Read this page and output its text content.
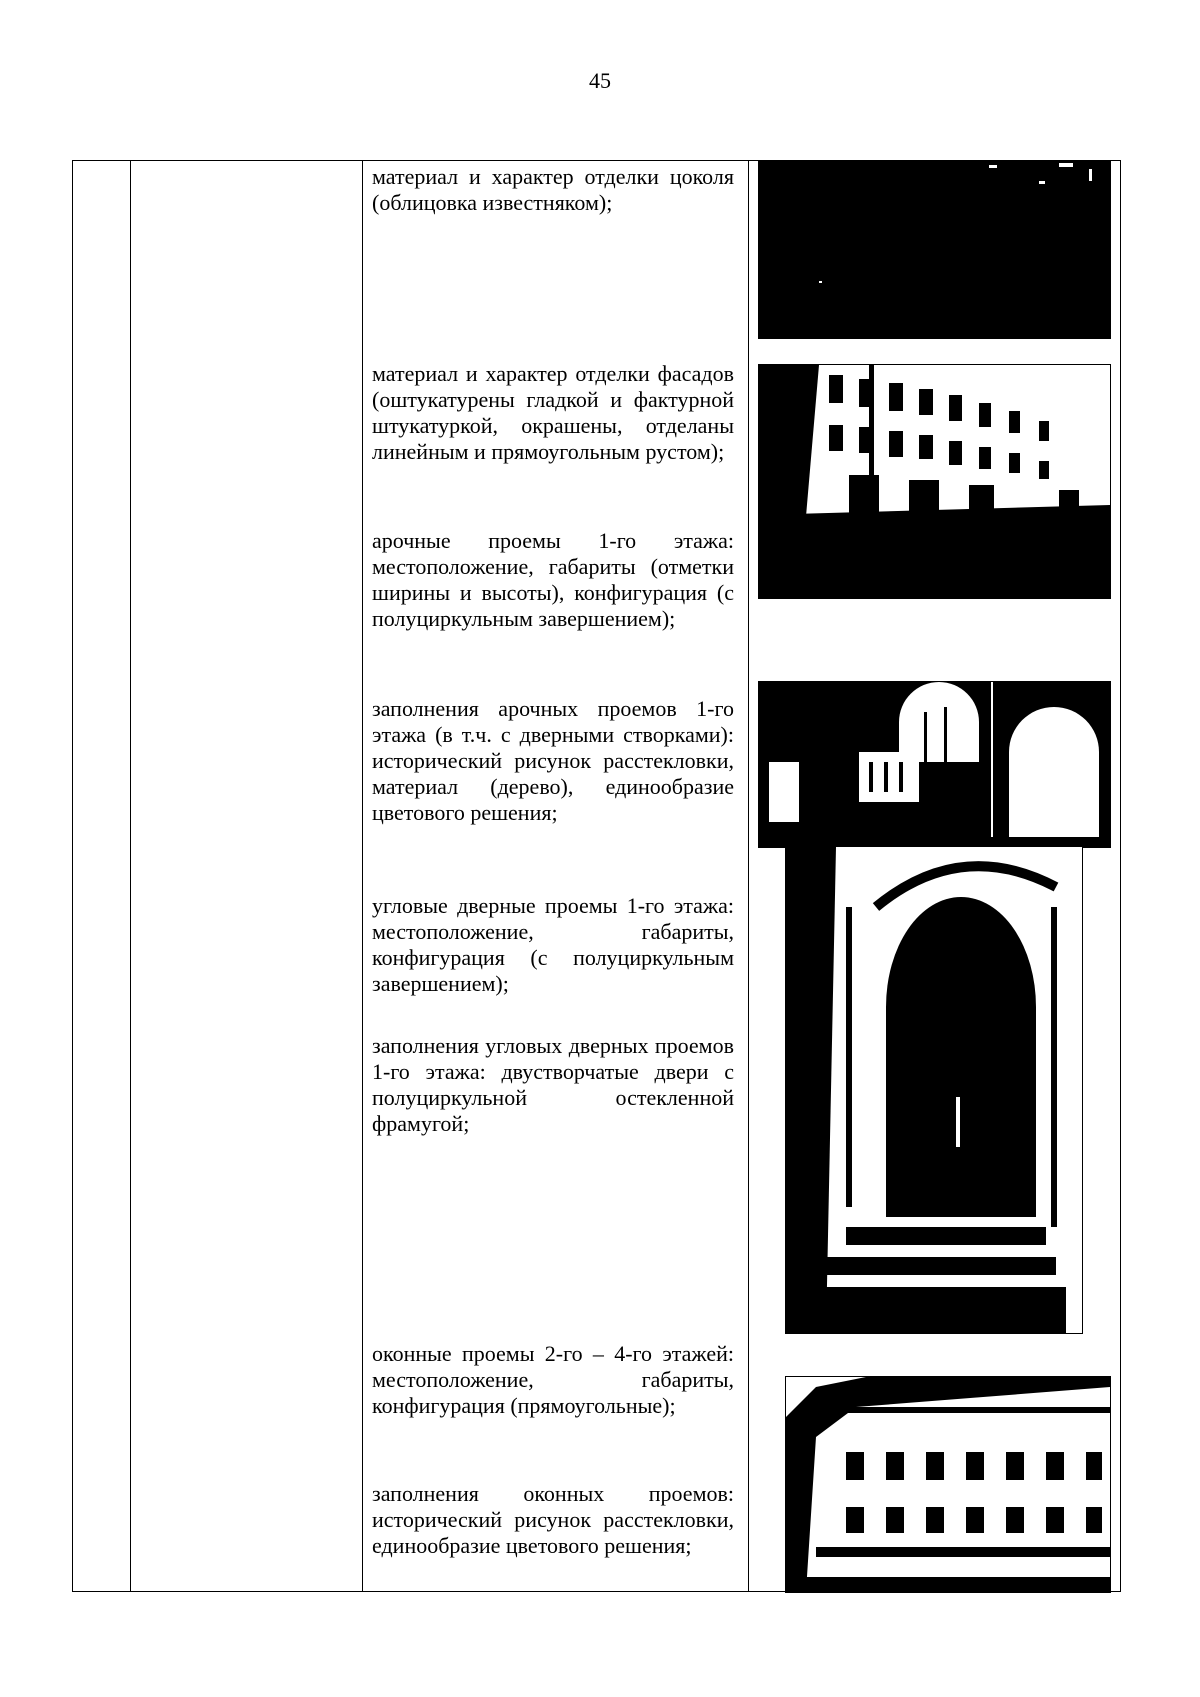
45
материал и характер отделки цоколя (облицовка известняком);
материал и характер отделки фасадов (оштукатурены гладкой и фактурной штукатуркой, окрашены, отделаны линейным и прямоугольным рустом);
арочные проемы 1-го этажа: местоположение, габариты (отметки ширины и высоты), конфигурация (с полуциркульным завершением);
заполнения арочных проемов 1-го этажа (в т.ч. с дверными створками): исторический рисунок расстекловки, материал (дерево), единообразие цветового решения;
угловые дверные проемы 1-го этажа: местоположение, габариты, конфигурация (с полуциркульным завершением);
заполнения угловых дверных проемов 1-го этажа: двустворчатые двери с полуциркульной остекленной фрамугой;
оконные проемы 2-го – 4-го этажей: местоположение, габариты, конфигурация (прямоугольные);
заполнения оконных проемов: исторический рисунок расстекловки, единообразие цветового решения;
